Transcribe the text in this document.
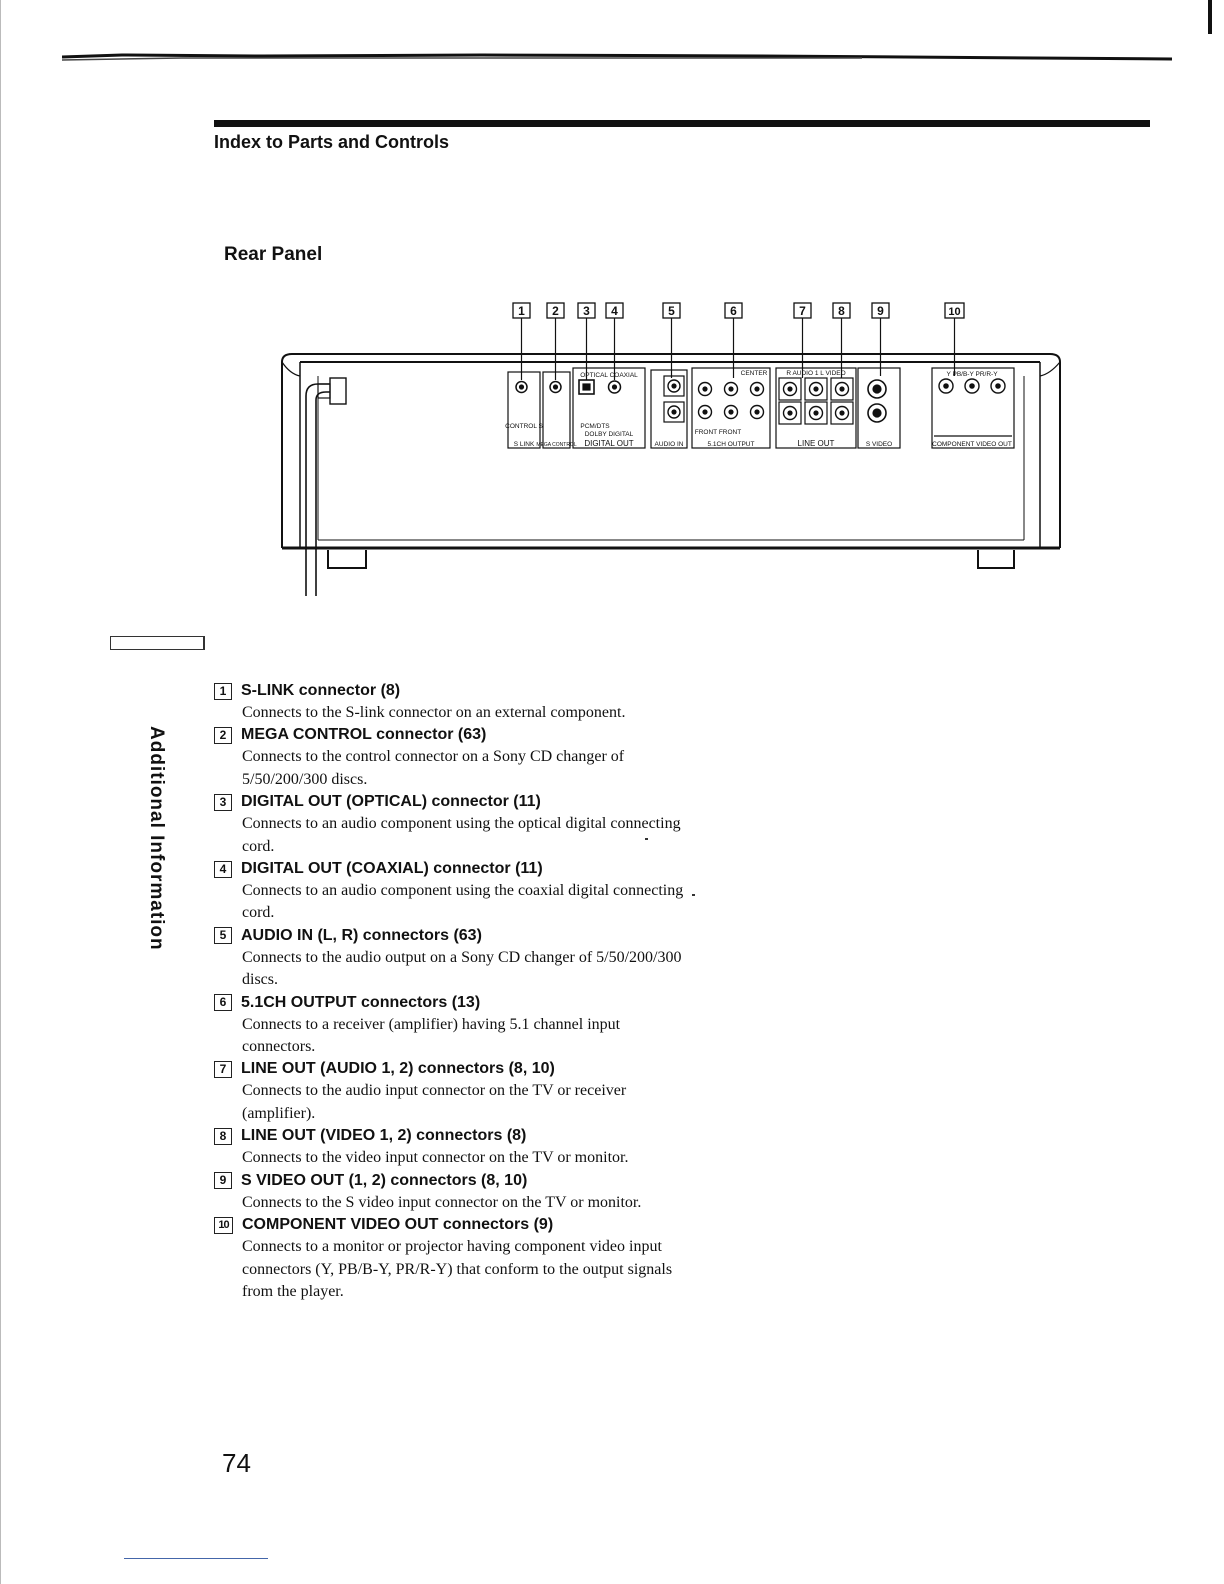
Index to Parts and Controls
Rear Panel
Additional Information
1 2 3 4	5	6	7	8	9	10
CONTROL S
S LINK MEGA CONTROL
OPTICAL COAXIAL
PCM/DTS
DOLBY DIGITAL
DIGITAL OUT	AUDIO IN
CENTER
FRONT FRONT
5.1CH OUTPUT
R AUDIO 1 L VIDEO
LINE OUT	S VIDEO
Y PB/B-Y PR/R-Y
COMPONENT VIDEO OUT
1 S-LINK connector (8)
Connects to the S-link connector on an external component.
2 MEGA CONTROL connector (63)
Connects to the control connector on a Sony CD changer of 5/50/200/300 discs.
3 DIGITAL OUT (OPTICAL) connector (11)
Connects to an audio component using the optical digital connecting cord.
4 DIGITAL OUT (COAXIAL) connector (11)
Connects to an audio component using the coaxial digital connecting cord.
5 AUDIO IN (L, R) connectors (63)
Connects to the audio output on a Sony CD changer of 5/50/200/300 discs.
6 5.1CH OUTPUT connectors (13)
Connects to a receiver (amplifier) having 5.1 channel input connectors.
7 LINE OUT (AUDIO 1, 2) connectors (8, 10)
Connects to the audio input connector on the TV or receiver (amplifier).
8 LINE OUT (VIDEO 1, 2) connectors (8)
Connects to the video input connector on the TV or monitor.
9 S VIDEO OUT (1, 2) connectors (8, 10)
Connects to the S video input connector on the TV or monitor.
10 COMPONENT VIDEO OUT connectors (9)
Connects to a monitor or projector having component video input connectors (Y, PB/B-Y, PR/R-Y) that conform to the output signals from the player.
74
